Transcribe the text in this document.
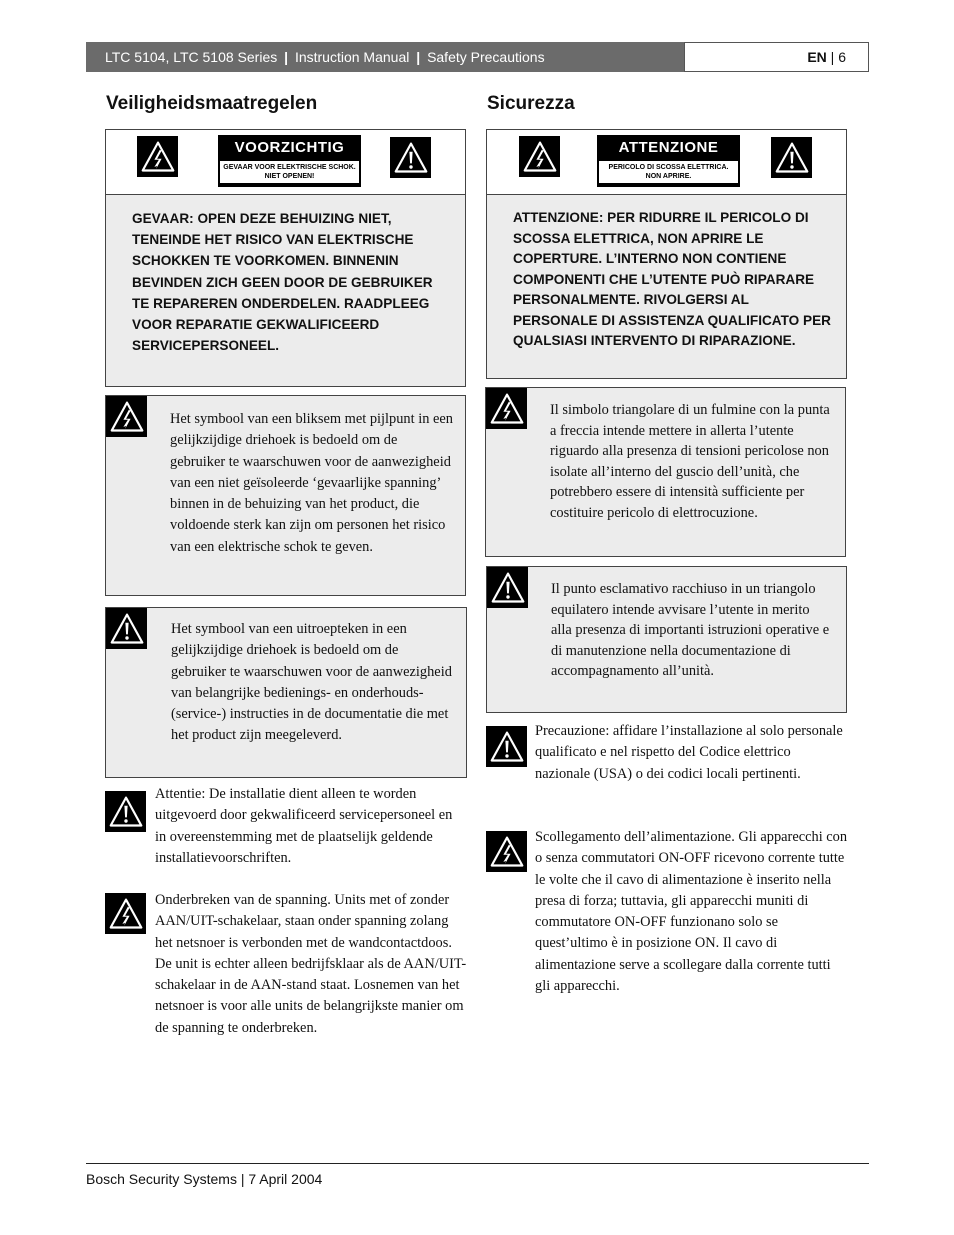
LTC 5104, LTC 5108 Series | Instruction Manual | Safety Precautions	EN | 6
Veiligheidsmaatregelen
VOORZICHTIG
GEVAAR VOOR ELEKTRISCHE SCHOK.
NIET OPENEN!
GEVAAR: OPEN DEZE BEHUIZING NIET, TENEINDE HET RISICO VAN ELEKTRISCHE SCHOKKEN TE VOORKOMEN. BINNENIN BEVINDEN ZICH GEEN DOOR DE GEBRUIKER TE REPAREREN ONDERDELEN. RAADPLEEG VOOR REPARATIE GEKWALIFICEERD SERVICEPERSONEEL.
Het symbool van een bliksem met pijlpunt in een gelijkzijdige driehoek is bedoeld om de gebruiker te waarschuwen voor de aanwezigheid van een niet geïsoleerde ‘gevaarlijke spanning’ binnen in de behuizing van het product, die voldoende sterk kan zijn om personen het risico van een elektrische schok te geven.
Het symbool van een uitroepteken in een gelijkzijdige driehoek is bedoeld om de gebruiker te waarschuwen voor de aanwezigheid van belangrijke bedienings- en onderhouds- (service-) instructies in de documentatie die met het product zijn meegeleverd.
Attentie: De installatie dient alleen te worden uitgevoerd door gekwalificeerd servicepersoneel en in overeenstemming met de plaatselijk geldende installatievoorschriften.
Onderbreken van de spanning. Units met of zonder AAN/UIT-schakelaar, staan onder spanning zolang het netsnoer is verbonden met de wandcontactdoos. De unit is echter alleen bedrijfsklaar als de AAN/UIT-schakelaar in de AAN-stand staat. Losnemen van het netsnoer is voor alle units de belangrijkste manier om de spanning te onderbreken.
Sicurezza
ATTENZIONE
PERICOLO DI SCOSSA ELETTRICA.
NON APRIRE.
ATTENZIONE: PER RIDURRE IL PERICOLO DI SCOSSA ELETTRICA, NON APRIRE LE COPERTURE. L’INTERNO NON CONTIENE COMPONENTI CHE L’UTENTE PUÒ RIPARARE PERSONALMENTE. RIVOLGERSI AL PERSONALE DI ASSISTENZA QUALIFICATO PER QUALSIASI INTERVENTO DI RIPARAZIONE.
Il simbolo triangolare di un fulmine con la punta a freccia intende mettere in allerta l’utente riguardo alla presenza di tensioni pericolose non isolate all’interno del guscio dell’unità, che potrebbero essere di intensità sufficiente per costituire pericolo di elettrocuzione.
Il punto esclamativo racchiuso in un triangolo equilatero intende avvisare l’utente in merito alla presenza di importanti istruzioni operative e di manutenzione nella documentazione di accompagnamento all’unità.
Precauzione: affidare l’installazione al solo personale qualificato e nel rispetto del Codice elettrico nazionale (USA) o dei codici locali pertinenti.
Scollegamento dell’alimentazione. Gli apparecchi con o senza commutatori ON-OFF ricevono corrente tutte le volte che il cavo di alimentazione è inserito nella presa di forza; tuttavia, gli apparecchi muniti di commutatore ON-OFF funzionano solo se quest’ultimo è in posizione ON. Il cavo di alimentazione serve a scollegare dalla corrente tutti gli apparecchi.
Bosch Security Systems | 7 April 2004
